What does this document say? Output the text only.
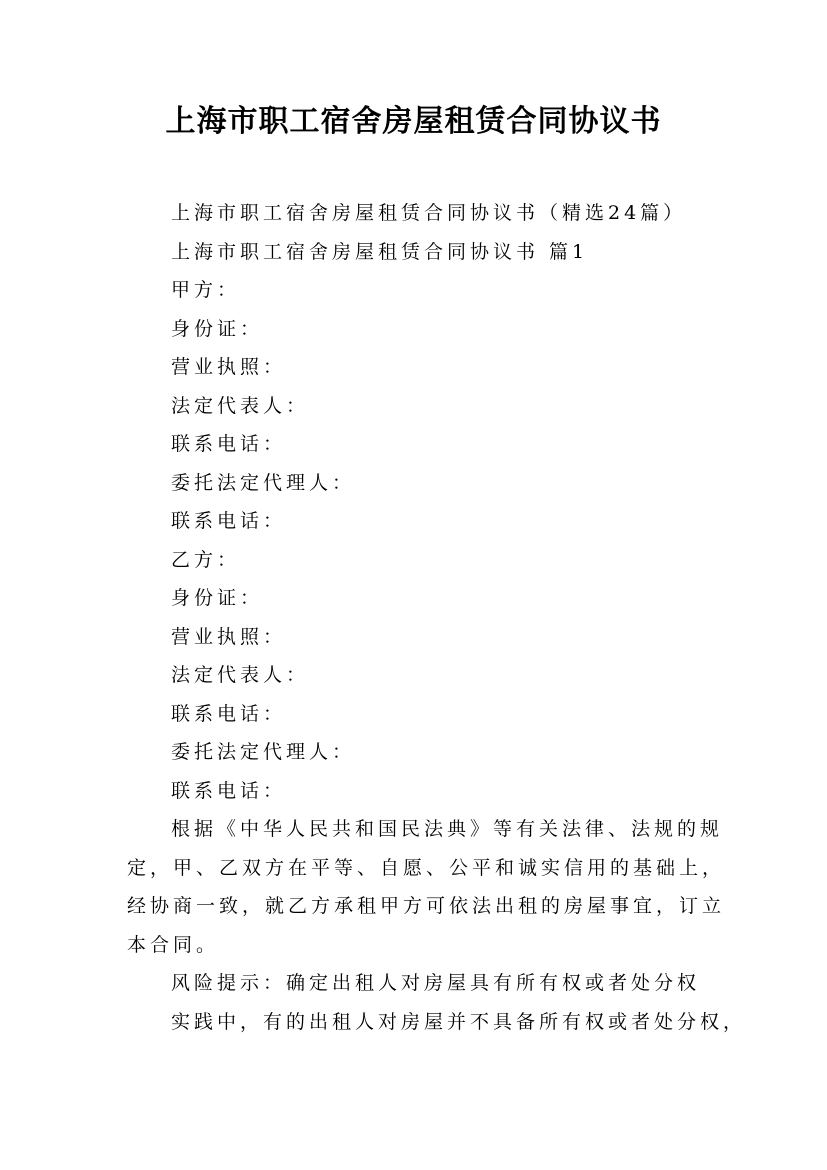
上海市职工宿舍房屋租赁合同协议书
上海市职工宿舍房屋租赁合同协议书（精选24篇）
上海市职工宿舍房屋租赁合同协议书 篇1
甲方：
身份证：
营业执照：
法定代表人：
联系电话：
委托法定代理人：
联系电话：
乙方：
身份证：
营业执照：
法定代表人：
联系电话：
委托法定代理人：
联系电话：
根据《中华人民共和国民法典》等有关法律、法规的规
定，甲、乙双方在平等、自愿、公平和诚实信用的基础上，
经协商一致，就乙方承租甲方可依法出租的房屋事宜，订立
本合同。
风险提示：确定出租人对房屋具有所有权或者处分权
实践中，有的出租人对房屋并不具备所有权或者处分权，
